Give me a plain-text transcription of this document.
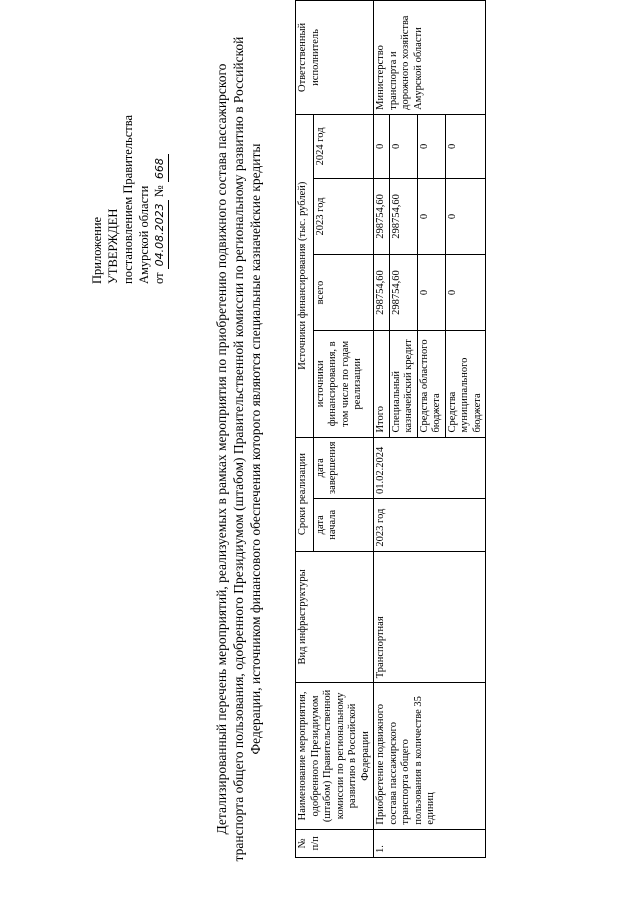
Приложение УТВЕРЖДЕН постановлением Правительства Амурской области от 04.08.2023 № 668	Детализированный перечень мероприятий, реализуемых в рамках мероприятия по приобретению подвижного состава пассажирского транспорта общего пользования, одобренного Президиумом (штабом) Правительственной комиссии по региональному развитию в Российской Федерации, источником финансового обеспечения которого являются специальные казначейские кредиты
№ п/п	Наименование мероприятия, одобренного Президиумом (штабом) Правительственной комиссии по региональному развитию в Российской Федерации	Вид инфраструктуры	Сроки реализации		Источники финансирования (тыс. рублей)				Ответственный исполнитель
			дата начала	дата завершения	источники финансирования, в том числе по годам реализации	всего	2023 год	2024 год	
1.	Приобретение подвижного состава пассажирского транспорта общего пользования в количестве 35 единиц	Транспортная	2023 год	01.02.2024	Итого	298754,60	298754,60	0	Министерство транспорта и дорожного хозяйства Амурской области
					Специальный казначейский кредит	298754,60	298754,60	0	
					Средства областного бюджета	0	0	0	
					Средства муниципального бюджета	0	0	0	
